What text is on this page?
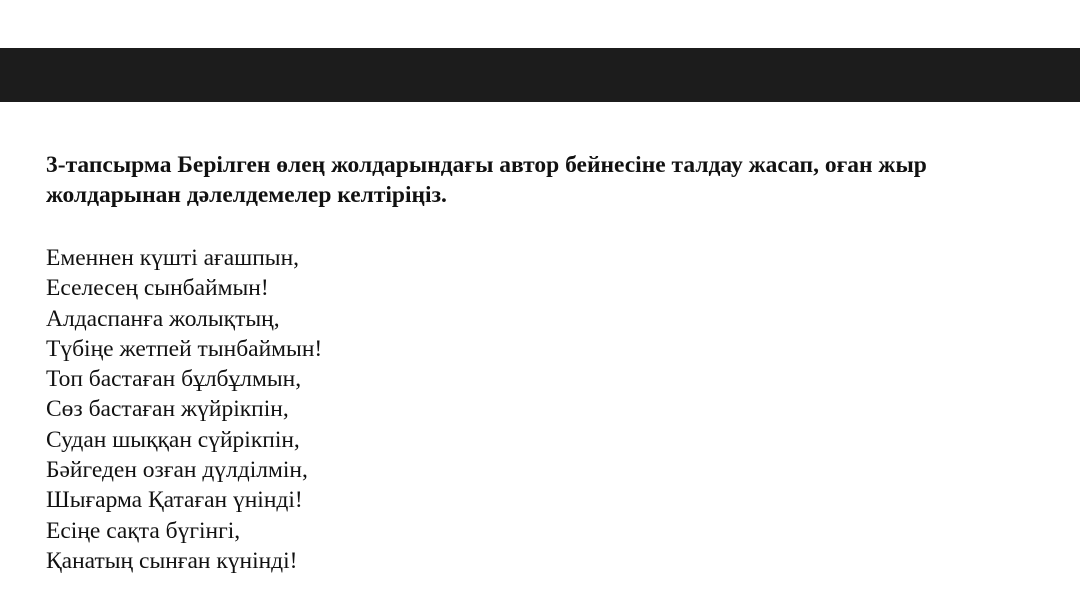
3-тапсырма Берілген өлең жолдарындағы автор бейнесіне талдау жасап, оған жыр
жолдарынан дәлелдемелер келтіріңіз.

Еменнен күшті ағашпын,
Еселесең сынбаймын!
Алдаспанға жолықтың,
Түбіңе жетпей тынбаймын!
Топ бастаған бұлбұлмын,
Сөз бастаған жүйрікпін,
Судан шыққан сүйрікпін,
Бәйгеден озған дүлділмін,
Шығарма Қатаған үнінді!
Есіңе сақта бүгінгі,
Қанатың сынған күнінді!
